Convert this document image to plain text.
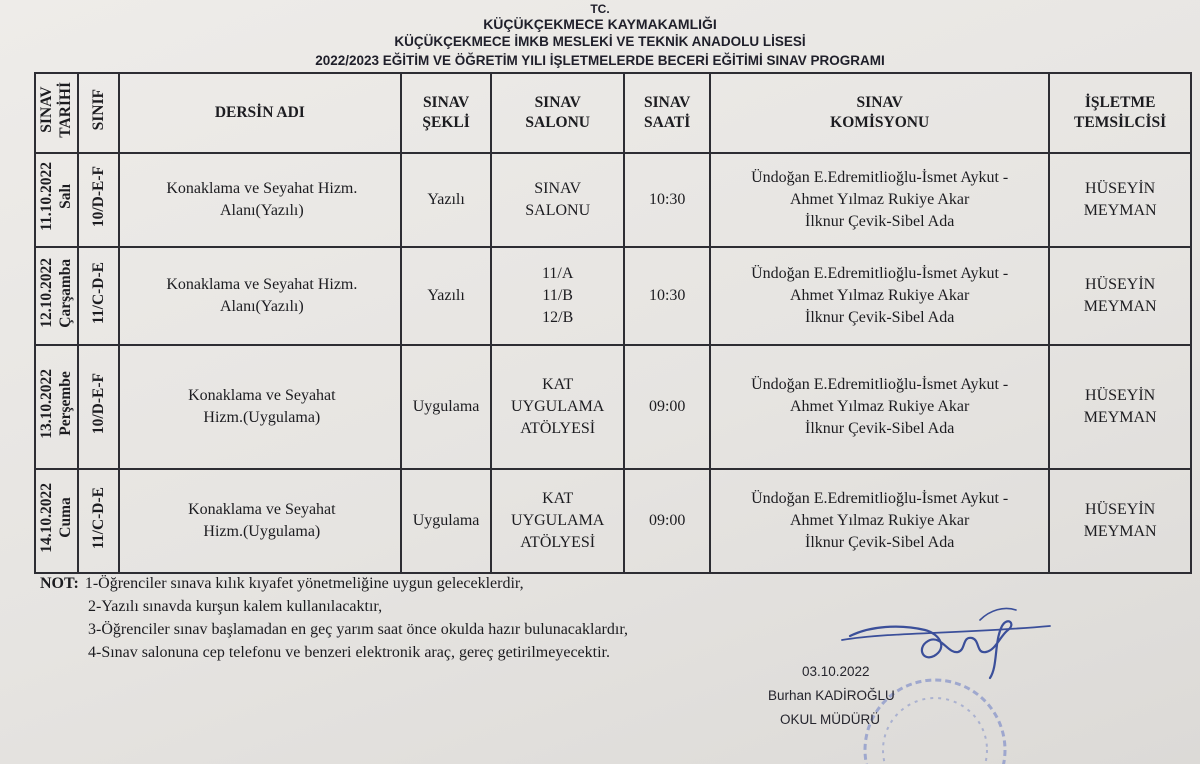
TC.
KÜÇÜKÇEKMECE KAYMAKAMLIĞI
KÜÇÜKÇEKMECE İMKB MESLEKİ VE TEKNİK ANADOLU LİSESİ
2022/2023 EĞİTİM VE ÖĞRETİM YILI İŞLETMELERDE BECERİ EĞİTİMİ SINAV PROGRAMI
SINAV TARİHİ	SINIF	DERSİN ADI	SINAV
ŞEKLİ	SINAV
SALONU	SINAV
SAATİ	SINAV
KOMİSYONU	İŞLETME
TEMSİLCİSİ
11.10.2022 Salı	10/D-E-F	Konaklama ve Seyahat Hizm.
Alanı(Yazılı)	Yazılı	SINAV
SALONU	10:30	Ündoğan E.Edremitlioğlu-İsmet Aykut -
Ahmet Yılmaz Rukiye Akar
İlknur Çevik-Sibel Ada	HÜSEYİN
MEYMAN
12.10.2022 Çarşamba	11/C-D-E	Konaklama ve Seyahat Hizm.
Alanı(Yazılı)	Yazılı	11/A
11/B
12/B	10:30	Ündoğan E.Edremitlioğlu-İsmet Aykut -
Ahmet Yılmaz Rukiye Akar
İlknur Çevik-Sibel Ada	HÜSEYİN
MEYMAN
13.10.2022 Perşembe	10/D-E-F	Konaklama ve Seyahat
Hizm.(Uygulama)	Uygulama	KAT
UYGULAMA
ATÖLYESİ	09:00	Ündoğan E.Edremitlioğlu-İsmet Aykut -
Ahmet Yılmaz Rukiye Akar
İlknur Çevik-Sibel Ada	HÜSEYİN
MEYMAN
14.10.2022 Cuma	11/C-D-E	Konaklama ve Seyahat
Hizm.(Uygulama)	Uygulama	KAT
UYGULAMA
ATÖLYESİ	09:00	Ündoğan E.Edremitlioğlu-İsmet Aykut -
Ahmet Yılmaz Rukiye Akar
İlknur Çevik-Sibel Ada	HÜSEYİN
MEYMAN
NOT: 1-Öğrenciler sınava kılık kıyafet yönetmeliğine uygun geleceklerdir,
2-Yazılı sınavda kurşun kalem kullanılacaktır,
3-Öğrenciler sınav başlamadan en geç yarım saat önce okulda hazır bulunacaklardır,
4-Sınav salonuna cep telefonu ve benzeri elektronik araç, gereç getirilmeyecektir.
03.10.2022
Burhan KADİROĞLU
OKUL MÜDÜRÜ
